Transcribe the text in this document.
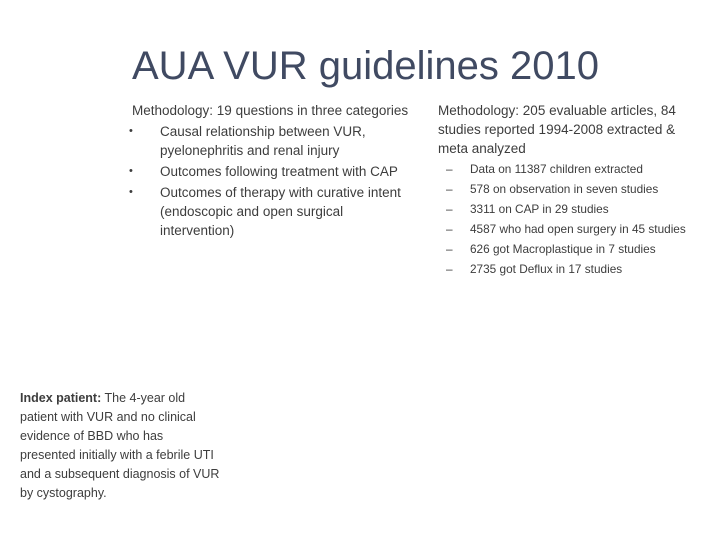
AUA VUR guidelines 2010

Methodology: 19 questions in three categories

• Causal relationship between VUR, pyelonephritis and renal injury
• Outcomes following treatment with CAP
• Outcomes of therapy with curative intent (endoscopic and open surgical intervention)

Methodology: 205 evaluable articles, 84 studies reported 1994-2008 extracted & meta analyzed

– Data on 11387 children extracted
– 578 on observation in seven studies
– 3311 on CAP in 29 studies
– 4587 who had open surgery in 45 studies
– 626 got Macroplastique in 7 studies
– 2735 got Deflux in 17 studies
Index patient: The 4-year old patient with VUR and no clinical evidence of BBD who has presented initially with a febrile UTI and a subsequent diagnosis of VUR by cystography.
